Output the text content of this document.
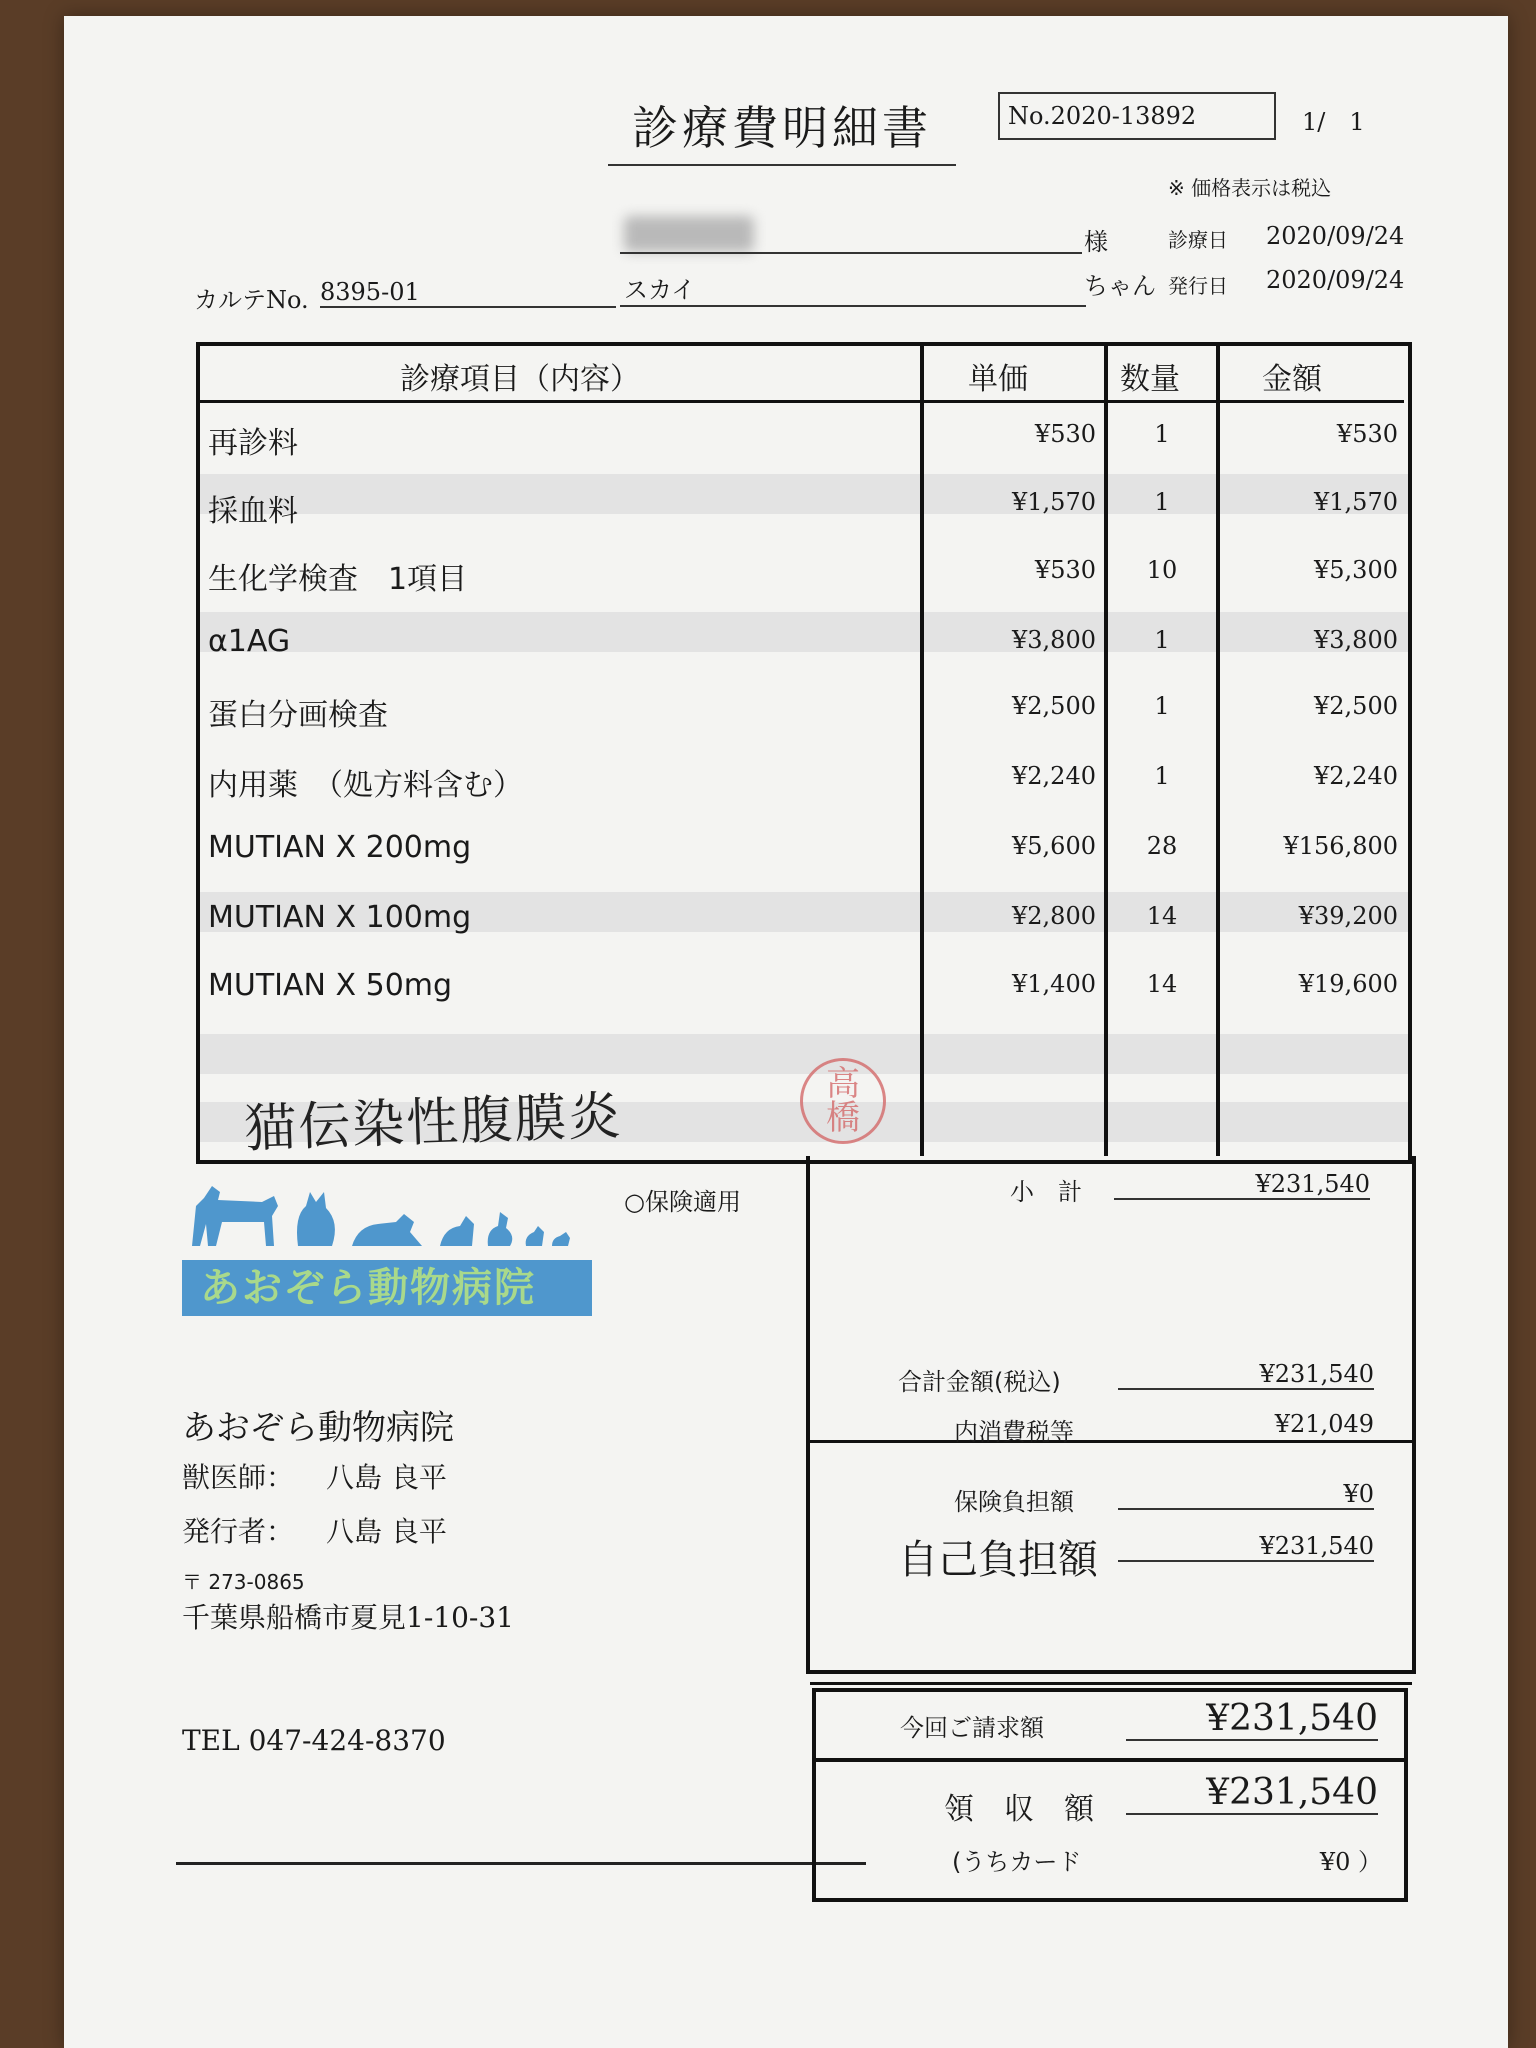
診療費明細書	No.2020-13892	1/　1
※ 価格表示は税込
様	診療日 2020/09/24
カルテNo. 8395-01	スカイ	ちゃん 発行日 2020/09/24
診療項目（内容）	単価	数量	金額
再診料	¥530	1	¥530
採血料	¥1,570	1	¥1,570
生化学検査　1項目	¥530	10	¥5,300
α1AG	¥3,800	1	¥3,800
蛋白分画検査	¥2,500	1	¥2,500
内用薬　（処方料含む）	¥2,240	1	¥2,240
MUTIAN X 200mg	¥5,600	28	¥156,800
MUTIAN X 100mg	¥2,800	14	¥39,200
MUTIAN X 50mg	¥1,400	14	¥19,600
猫伝染性腹膜炎
高
橋
○保険適用
あおぞら動物病院
あおぞら動物病院
獣医師： 八島 良平
発行者： 八島 良平
〒 273-0865
千葉県船橋市夏見1-10-31
TEL 047-424-8370
小　計	¥231,540
合計金額(税込)	¥231,540
内消費税等	¥21,049
保険負担額	¥0
自己負担額	¥231,540
今回ご請求額	¥231,540
領　収　額	¥231,540
(うちカード	¥0 ）
